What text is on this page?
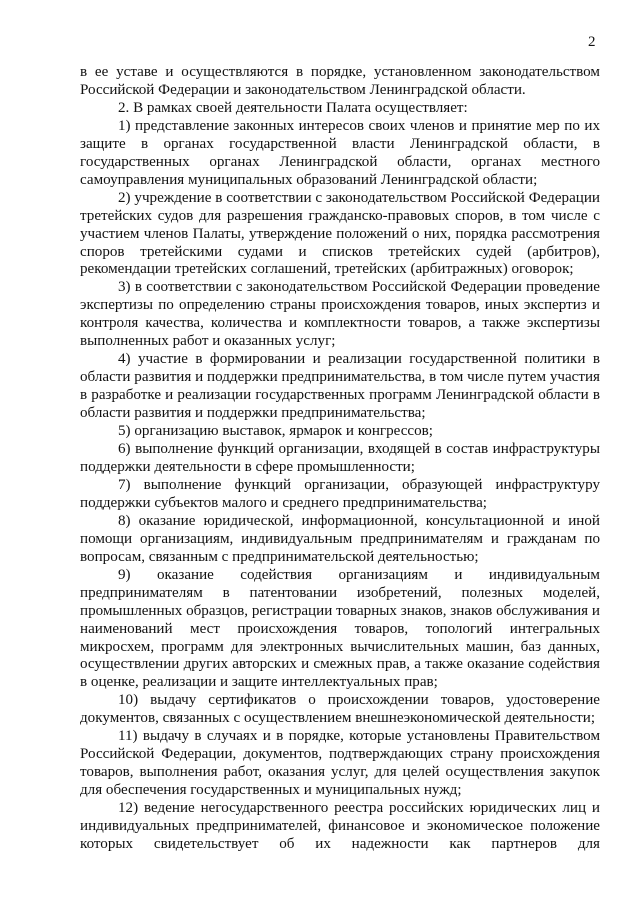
2

в ее уставе и осуществляются в порядке, установленном законодательством Российской Федерации и законодательством Ленинградской области.

2. В рамках своей деятельности Палата осуществляет:

1) представление законных интересов своих членов и принятие мер по их защите в органах государственной власти Ленинградской области, в государственных органах Ленинградской области, органах местного самоуправления муниципальных образований Ленинградской области;

2) учреждение в соответствии с законодательством Российской Федерации третейских судов для разрешения гражданско-правовых споров, в том числе с участием членов Палаты, утверждение положений о них, порядка рассмотрения споров третейскими судами и списков третейских судей (арбитров), рекомендации третейских соглашений, третейских (арбитражных) оговорок;

3) в соответствии с законодательством Российской Федерации проведение экспертизы по определению страны происхождения товаров, иных экспертиз и контроля качества, количества и комплектности товаров, а также экспертизы выполненных работ и оказанных услуг;

4) участие в формировании и реализации государственной политики в области развития и поддержки предпринимательства, в том числе путем участия в разработке и реализации государственных программ Ленинградской области в области развития и поддержки предпринимательства;

5) организацию выставок, ярмарок и конгрессов;

6) выполнение функций организации, входящей в состав инфраструктуры поддержки деятельности в сфере промышленности;

7) выполнение функций организации, образующей инфраструктуру поддержки субъектов малого и среднего предпринимательства;

8) оказание юридической, информационной, консультационной и иной помощи организациям, индивидуальным предпринимателям и гражданам по вопросам, связанным с предпринимательской деятельностью;

9) оказание содействия организациям и индивидуальным предпринимателям в патентовании изобретений, полезных моделей, промышленных образцов, регистрации товарных знаков, знаков обслуживания и наименований мест происхождения товаров, топологий интегральных микросхем, программ для электронных вычислительных машин, баз данных, осуществлении других авторских и смежных прав, а также оказание содействия в оценке, реализации и защите интеллектуальных прав;

10) выдачу сертификатов о происхождении товаров, удостоверение документов, связанных с осуществлением внешнеэкономической деятельности;

11) выдачу в случаях и в порядке, которые установлены Правительством Российской Федерации, документов, подтверждающих страну происхождения товаров, выполнения работ, оказания услуг, для целей осуществления закупок для обеспечения государственных и муниципальных нужд;

12) ведение негосударственного реестра российских юридических лиц и индивидуальных предпринимателей, финансовое и экономическое положение которых свидетельствует об их надежности как партнеров для
